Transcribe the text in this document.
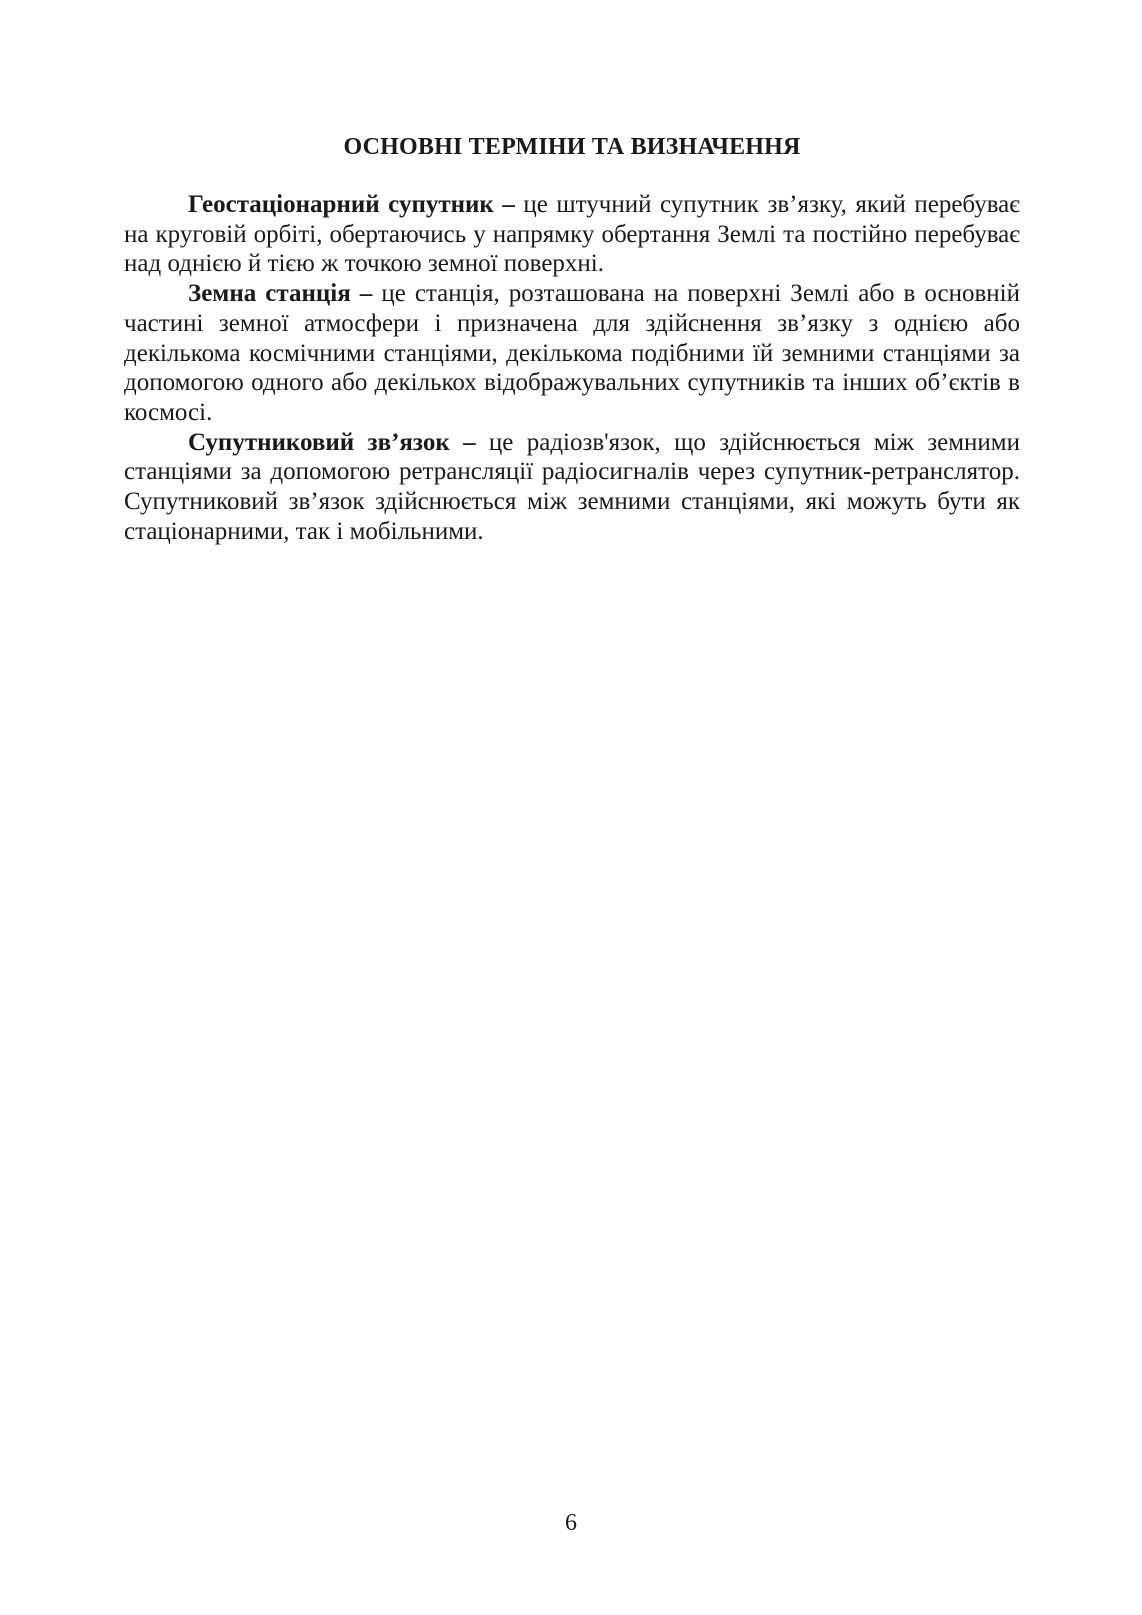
ОСНОВНІ ТЕРМІНИ ТА ВИЗНАЧЕННЯ

Геостаціонарний супутник – це штучний супутник зв’язку, який перебуває на круговій орбіті, обертаючись у напрямку обертання Землі та постійно перебуває над однією й тією ж точкою земної поверхні.

Земна станція – це станція, розташована на поверхні Землі або в основній частині земної атмосфери і призначена для здійснення зв’язку з однією або декількома космічними станціями, декількома подібними їй земними станціями за допомогою одного або декількох відображувальних супутників та інших об’єктів в космосі.

Супутниковий зв’язок – це радіозв'язок, що здійснюється між земними станціями за допомогою ретрансляції радіосигналів через супутник-ретранслятор. Супутниковий зв’язок здійснюється між земними станціями, які можуть бути як стаціонарними, так і мобільними.

6
